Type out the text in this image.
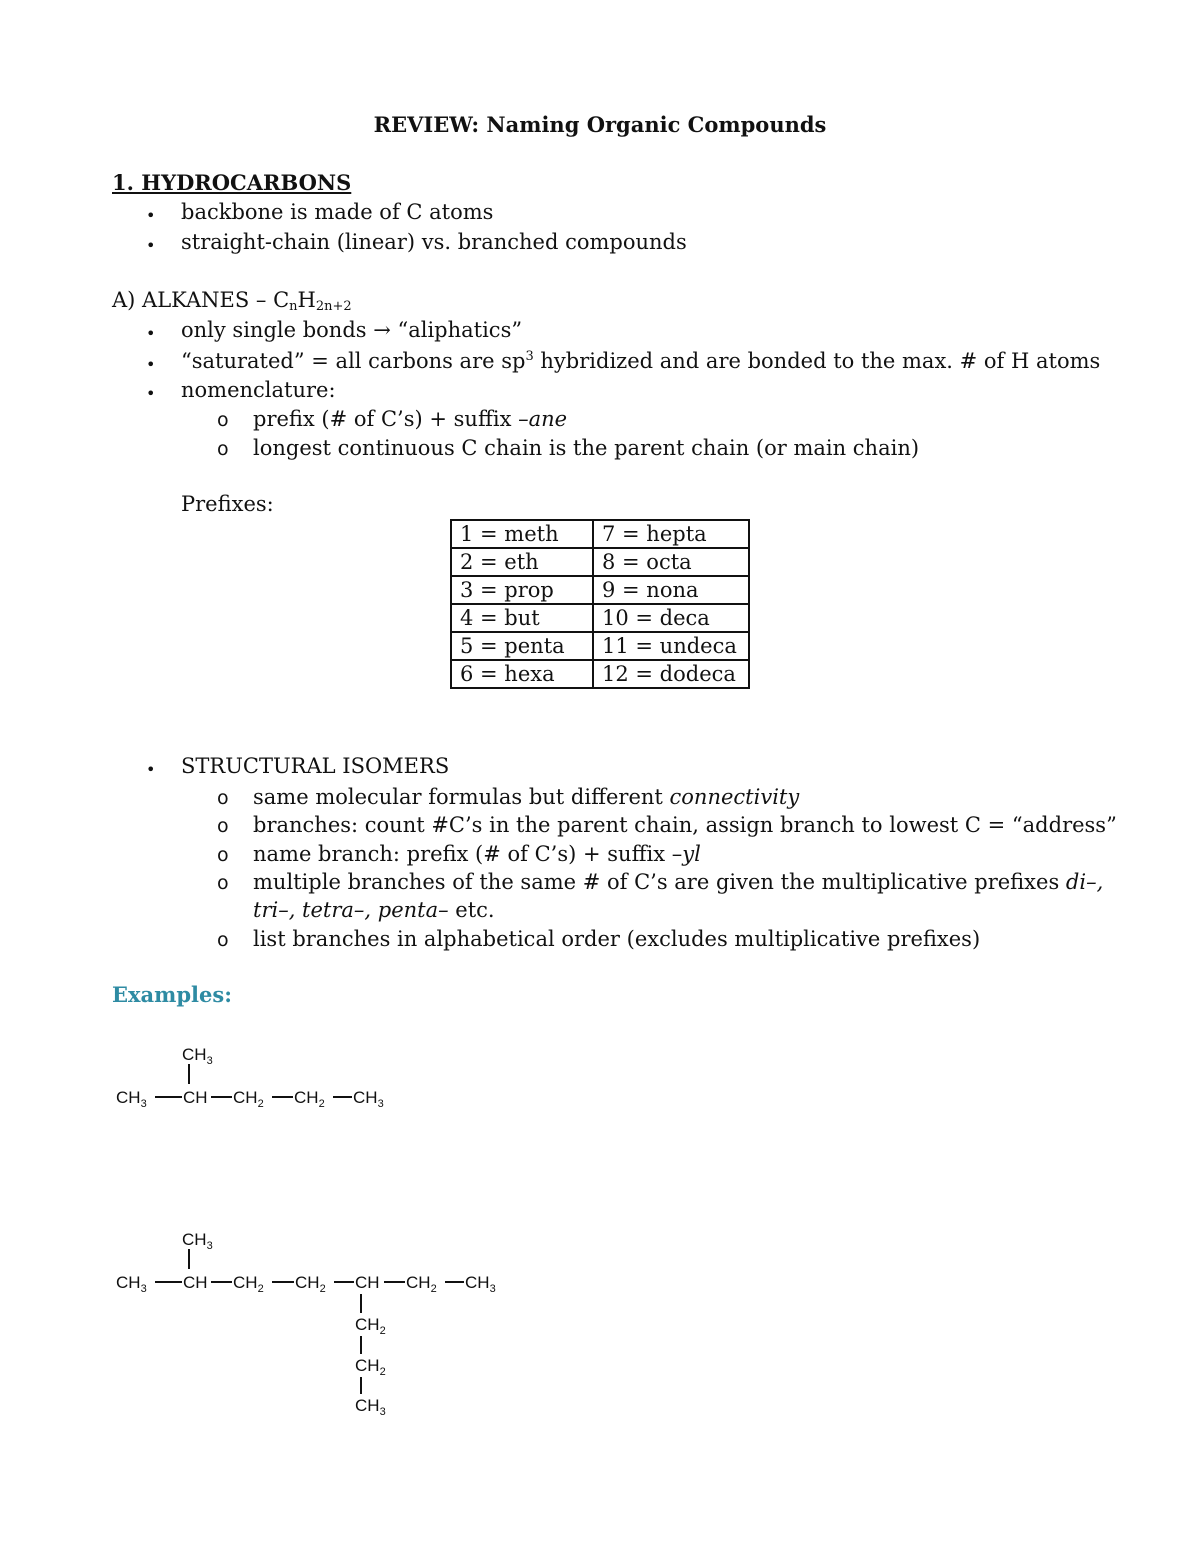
REVIEW: Naming Organic Compounds
1. HYDROCARBONS
• backbone is made of C atoms
• straight-chain (linear) vs. branched compounds
A) ALKANES – $C_nH_{2n+2}$
• only single bonds → “aliphatics”
• “saturated” = all carbons are $sp^3$ hybridized and are bonded to the max. # of H atoms
• nomenclature:
o prefix (# of C’s) + suffix –ane
o longest continuous C chain is the parent chain (or main chain)
Prefixes:
1 = meth	7 = hepta
2 = eth	8 = octa
3 = prop	9 = nona
4 = but	10 = deca
5 = penta	11 = undeca
6 = hexa	12 = dodeca
• STRUCTURAL ISOMERS
o same molecular formulas but different connectivity
o branches: count #C’s in the parent chain, assign branch to lowest C = “address”
o name branch: prefix (# of C’s) + suffix –yl
o multiple branches of the same # of C’s are given the multiplicative prefixes di–,
tri–, tetra–, penta– etc.
o list branches in alphabetical order (excludes multiplicative prefixes)
Examples:
$CH_3$
$CH_3$ CH $CH_2$ $CH_2$ $CH_3$
$CH_3$
$CH_3$ CH $CH_2$ $CH_2$ CH $CH_2$ $CH_3$
$CH_2$
$CH_2$
$CH_3$
